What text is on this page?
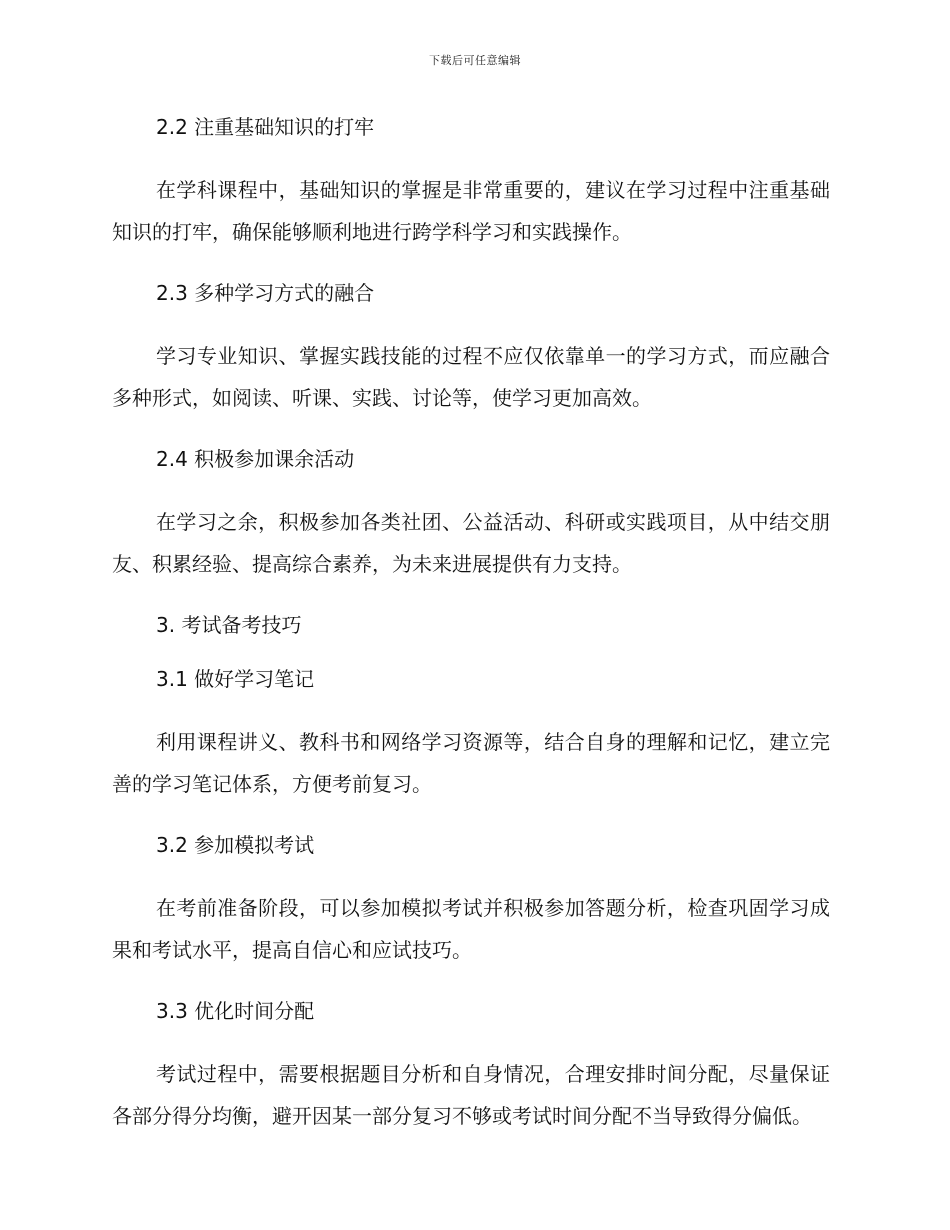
下载后可任意编辑
2.2 注重基础知识的打牢

在学科课程中，基础知识的掌握是非常重要的，建议在学习过程中注重基础知识的打牢，确保能够顺利地进行跨学科学习和实践操作。

2.3 多种学习方式的融合

学习专业知识、掌握实践技能的过程不应仅依靠单一的学习方式，而应融合多种形式，如阅读、听课、实践、讨论等，使学习更加高效。

2.4 积极参加课余活动

在学习之余，积极参加各类社团、公益活动、科研或实践项目，从中结交朋友、积累经验、提高综合素养，为未来进展提供有力支持。

3. 考试备考技巧
3.1 做好学习笔记

利用课程讲义、教科书和网络学习资源等，结合自身的理解和记忆，建立完善的学习笔记体系，方便考前复习。

3.2 参加模拟考试

在考前准备阶段，可以参加模拟考试并积极参加答题分析，检查巩固学习成果和考试水平，提高自信心和应试技巧。

3.3 优化时间分配

考试过程中，需要根据题目分析和自身情况，合理安排时间分配，尽量保证各部分得分均衡，避开因某一部分复习不够或考试时间分配不当导致得分偏低。
